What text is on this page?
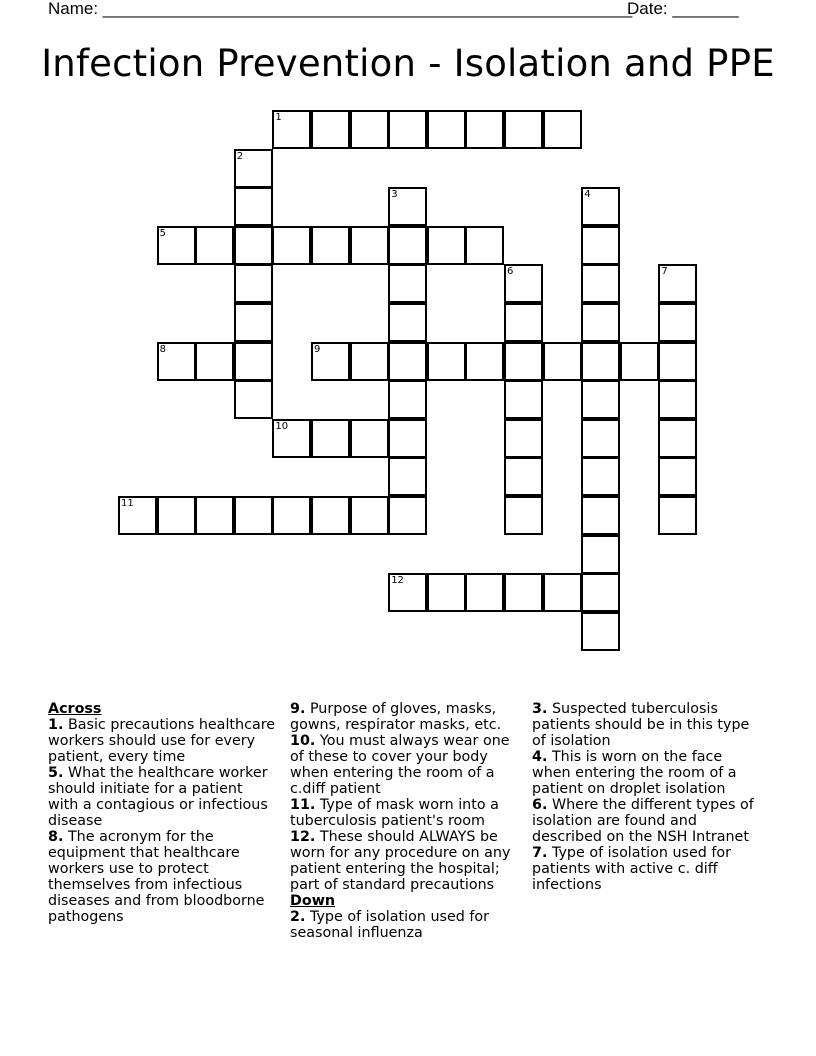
Name: ________________________________________________________
Date: _______
Infection Prevention - Isolation and PPE
1
2
3	4
5
6	7
8	9
10
11
12
Across
1. Basic precautions healthcare workers should use for every patient, every time
5. What the healthcare worker should initiate for a patient with a contagious or infectious disease
8. The acronym for the equipment that healthcare workers use to protect themselves from infectious diseases and from bloodborne pathogens
9. Purpose of gloves, masks, gowns, respirator masks, etc.
10. You must always wear one of these to cover your body when entering the room of a c.diff patient
11. Type of mask worn into a tuberculosis patient's room
12. These should ALWAYS be worn for any procedure on any patient entering the hospital; part of standard precautions
Down
2. Type of isolation used for seasonal influenza
3. Suspected tuberculosis patients should be in this type of isolation
4. This is worn on the face when entering the room of a patient on droplet isolation
6. Where the different types of isolation are found and described on the NSH Intranet
7. Type of isolation used for patients with active c. diff infections
